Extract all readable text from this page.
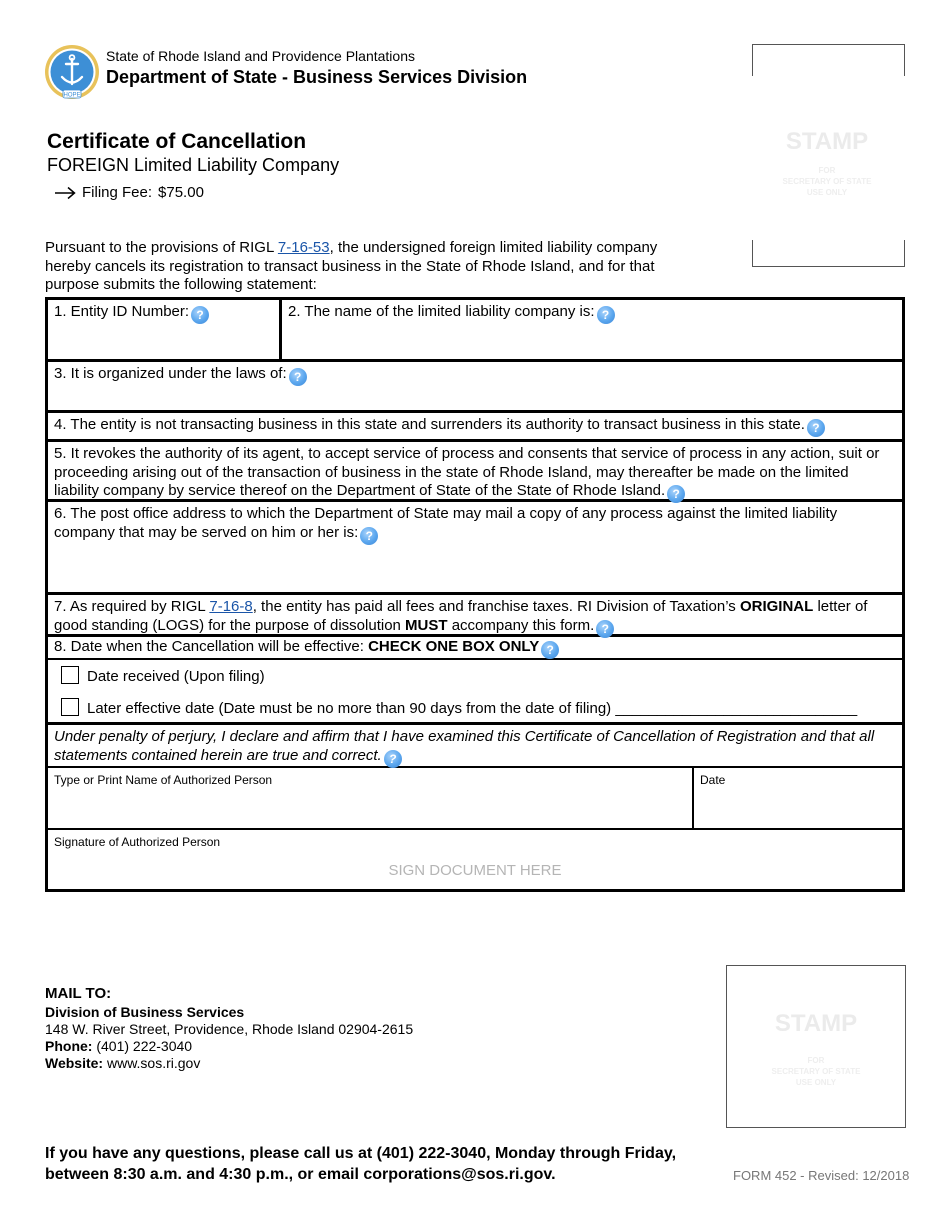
HOPE
State of Rhode Island and Providence Plantations
Department of State - Business Services Division
Certificate of Cancellation
FOREIGN Limited Liability Company
Filing Fee: $75.00
STAMP
FOR
SECRETARY OF STATE
USE ONLY
Pursuant to the provisions of RIGL 7-16-53, the undersigned foreign limited liability company hereby cancels its registration to transact business in the State of Rhode Island, and for that purpose submits the following statement:
1. Entity ID Number: ?	2. The name of the limited liability company is: ?
3. It is organized under the laws of: ?
4. The entity is not transacting business in this state and surrenders its authority to transact business in this state. ?
5. It revokes the authority of its agent, to accept service of process and consents that service of process in any action, suit or proceeding arising out of the transaction of business in the state of Rhode Island, may thereafter be made on the limited liability company by service thereof on the Department of State of the State of Rhode Island. ?
6. The post office address to which the Department of State may mail a copy of any process against the limited liability company that may be served on him or her is: ?
7. As required by RIGL 7-16-8, the entity has paid all fees and franchise taxes. RI Division of Taxation’s ORIGINAL letter of good standing (LOGS) for the purpose of dissolution MUST accompany this form. ?
8. Date when the Cancellation will be effective: CHECK ONE BOX ONLY ?
Date received (Upon filing)
Later effective date (Date must be no more than 90 days from the date of filing) _____________________________
Under penalty of perjury, I declare and affirm that I have examined this Certificate of Cancellation of Registration and that all statements contained herein are true and correct. ?
Type or Print Name of Authorized Person	Date
Signature of Authorized Person
SIGN DOCUMENT HERE
MAIL TO:
Division of Business Services
148 W. River Street, Providence, Rhode Island 02904-2615
Phone: (401) 222-3040
Website: www.sos.ri.gov
STAMP
FOR
SECRETARY OF STATE
USE ONLY
If you have any questions, please call us at (401) 222-3040, Monday through Friday, between 8:30 a.m. and 4:30 p.m., or email corporations@sos.ri.gov.	FORM 452 - Revised: 12/2018
